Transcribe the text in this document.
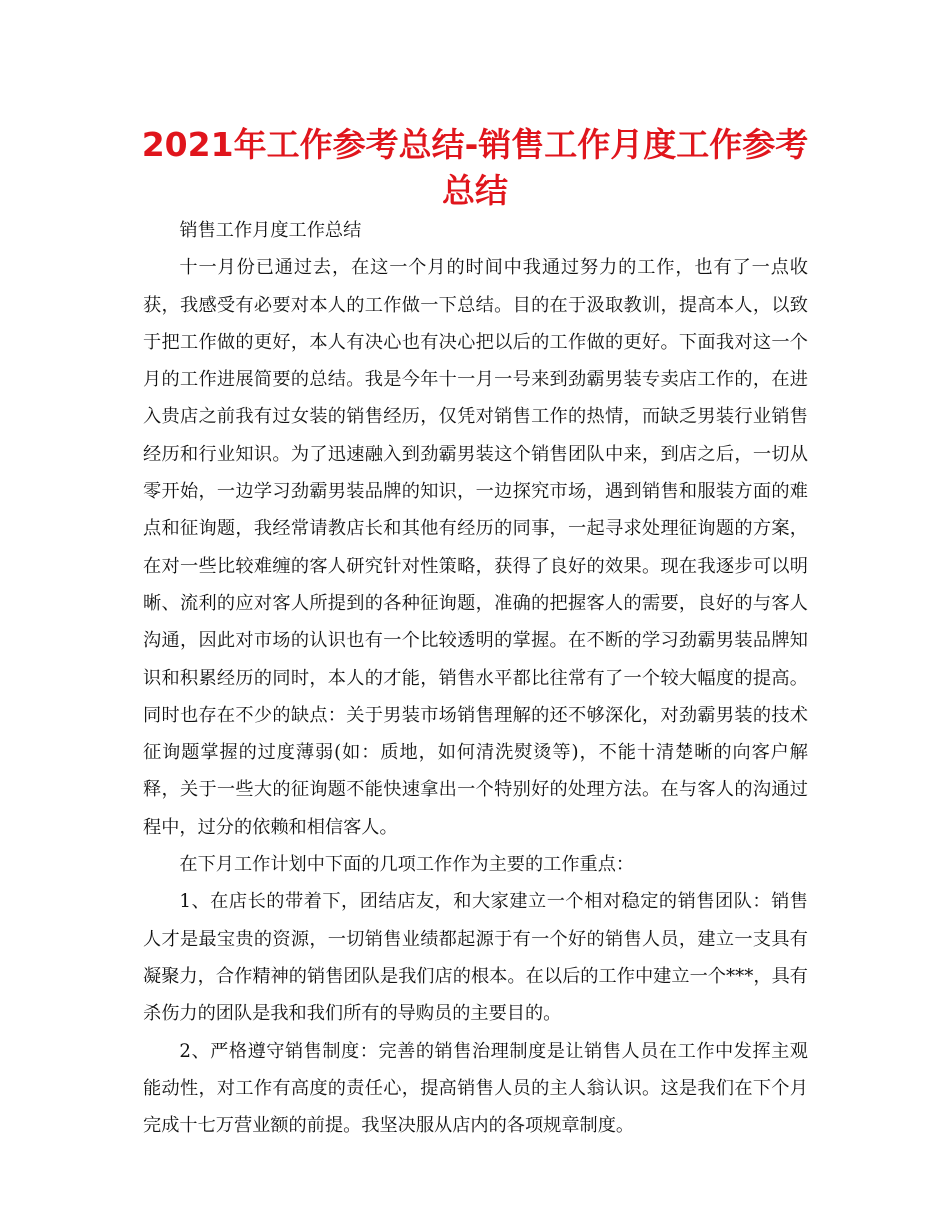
2021年工作参考总结-销售工作月度工作参考总结

销售工作月度工作总结

十一月份已通过去，在这一个月的时间中我通过努力的工作，也有了一点收获，我感受有必要对本人的工作做一下总结。目的在于汲取教训，提高本人，以致于把工作做的更好，本人有决心也有决心把以后的工作做的更好。下面我对这一个月的工作进展简要的总结。我是今年十一月一号来到劲霸男装专卖店工作的，在进入贵店之前我有过女装的销售经历，仅凭对销售工作的热情，而缺乏男装行业销售经历和行业知识。为了迅速融入到劲霸男装这个销售团队中来，到店之后，一切从零开始，一边学习劲霸男装品牌的知识，一边探究市场，遇到销售和服装方面的难点和征询题，我经常请教店长和其他有经历的同事，一起寻求处理征询题的方案，在对一些比较难缠的客人研究针对性策略，获得了良好的效果。现在我逐步可以明晰、流利的应对客人所提到的各种征询题，准确的把握客人的需要，良好的与客人沟通，因此对市场的认识也有一个比较透明的掌握。在不断的学习劲霸男装品牌知识和积累经历的同时，本人的才能，销售水平都比往常有了一个较大幅度的提高。同时也存在不少的缺点：关于男装市场销售理解的还不够深化，对劲霸男装的技术征询题掌握的过度薄弱(如：质地，如何清洗熨烫等)，不能十清楚晰的向客户解释，关于一些大的征询题不能快速拿出一个特别好的处理方法。在与客人的沟通过程中，过分的依赖和相信客人。

在下月工作计划中下面的几项工作作为主要的工作重点：

1、在店长的带着下，团结店友，和大家建立一个相对稳定的销售团队：销售人才是最宝贵的资源，一切销售业绩都起源于有一个好的销售人员，建立一支具有凝聚力，合作精神的销售团队是我们店的根本。在以后的工作中建立一个***，具有杀伤力的团队是我和我们所有的导购员的主要目的。

2、严格遵守销售制度：完善的销售治理制度是让销售人员在工作中发挥主观能动性，对工作有高度的责任心，提高销售人员的主人翁认识。这是我们在下个月完成十七万营业额的前提。我坚决服从店内的各项规章制度。
